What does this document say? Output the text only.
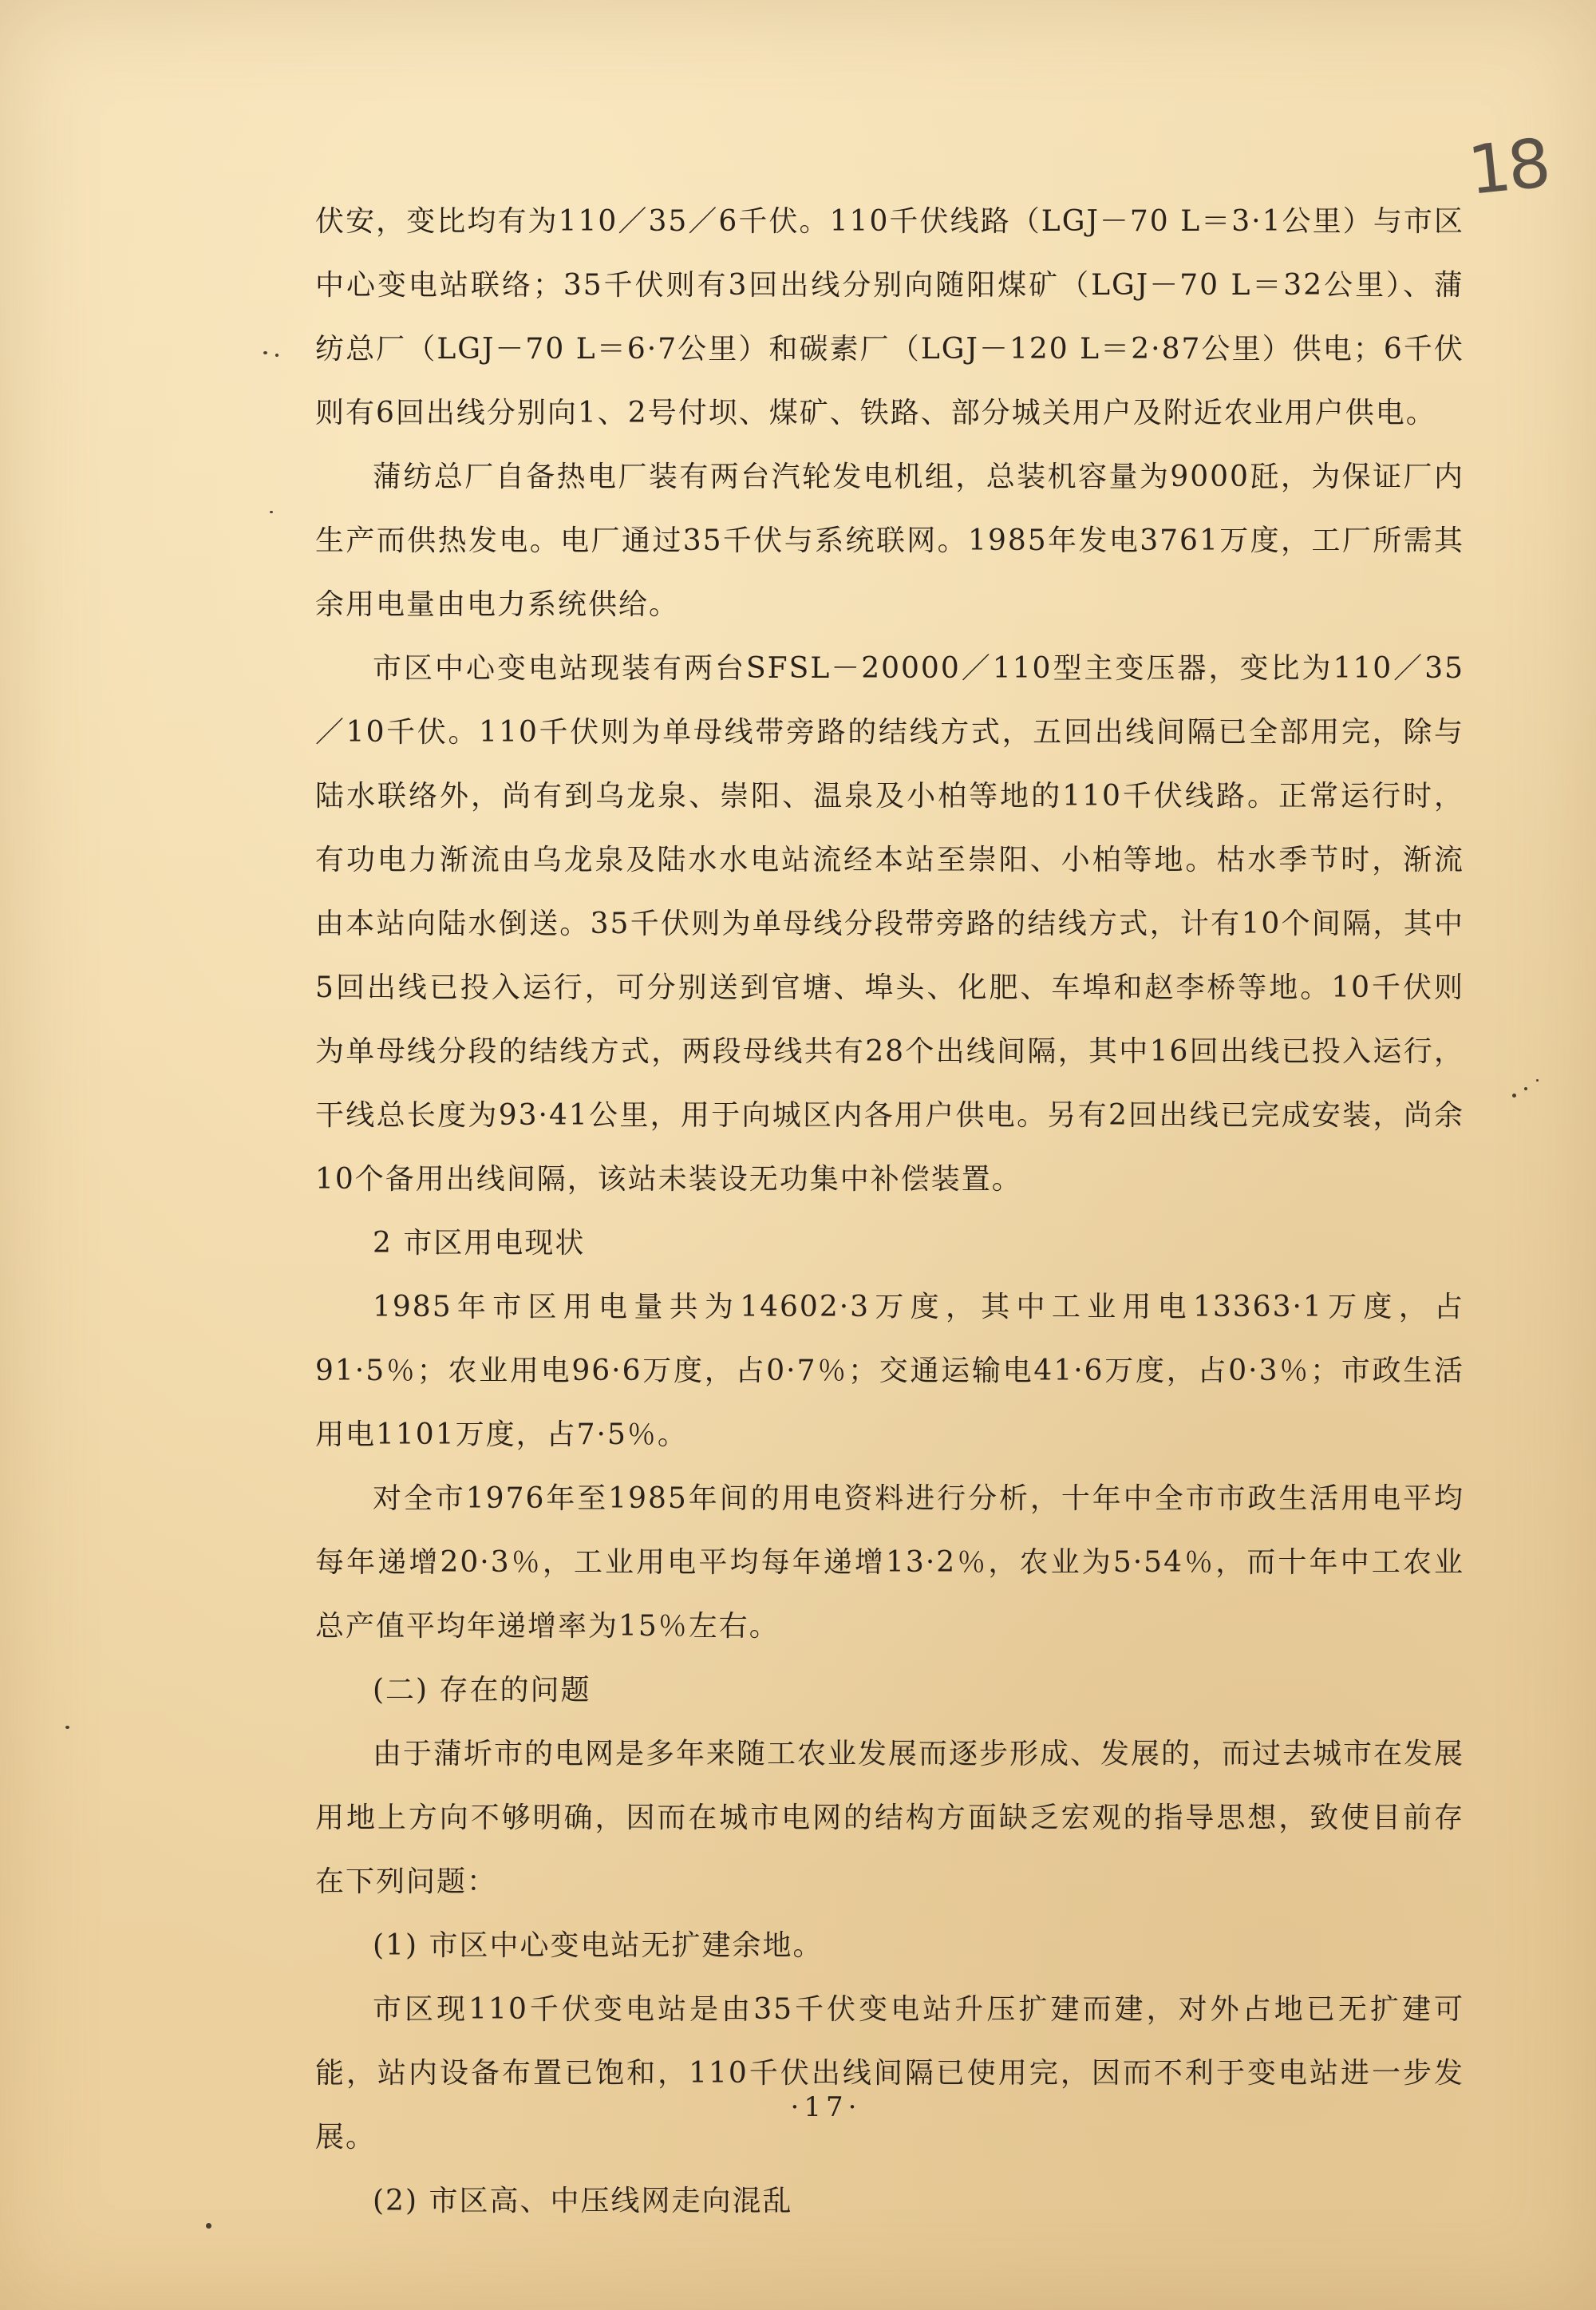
18

伏安，变比均有为110／35／6千伏。110千伏线路（LGJ－70 L＝3·1公里）与市区中心变电站联络；35千伏则有3回出线分别向随阳煤矿（LGJ－70 L＝32公里）、蒲纺总厂（LGJ－70 L＝6·7公里）和碳素厂（LGJ－120 L＝2·87公里）供电；6千伏则有6回出线分别向1、2号付坝、煤矿、铁路、部分城关用户及附近农业用户供电。

蒲纺总厂自备热电厂装有两台汽轮发电机组，总装机容量为9000瓩，为保证厂内生产而供热发电。电厂通过35千伏与系统联网。1985年发电3761万度，工厂所需其余用电量由电力系统供给。

市区中心变电站现装有两台SFSL－20000／110型主变压器，变比为110／35／10千伏。110千伏则为单母线带旁路的结线方式，五回出线间隔已全部用完，除与陆水联络外，尚有到乌龙泉、崇阳、温泉及小柏等地的110千伏线路。正常运行时，有功电力渐流由乌龙泉及陆水水电站流经本站至崇阳、小柏等地。枯水季节时，渐流由本站向陆水倒送。35千伏则为单母线分段带旁路的结线方式，计有10个间隔，其中5回出线已投入运行，可分别送到官塘、埠头、化肥、车埠和赵李桥等地。10千伏则为单母线分段的结线方式，两段母线共有28个出线间隔，其中16回出线已投入运行，干线总长度为93·41公里，用于向城区内各用户供电。另有2回出线已完成安装，尚余10个备用出线间隔，该站未装设无功集中补偿装置。

2 市区用电现状

1985年市区用电量共为14602·3万度，其中工业用电13363·1万度，占91·5％；农业用电96·6万度，占0·7％；交通运输电41·6万度，占0·3％；市政生活用电1101万度，占7·5％。

对全市1976年至1985年间的用电资料进行分析，十年中全市市政生活用电平均每年递增20·3％，工业用电平均每年递增13·2％，农业为5·54％，而十年中工农业总产值平均年递增率为15％左右。

(二) 存在的问题

由于蒲圻市的电网是多年来随工农业发展而逐步形成、发展的，而过去城市在发展用地上方向不够明确，因而在城市电网的结构方面缺乏宏观的指导思想，致使目前存在下列问题：

(1) 市区中心变电站无扩建余地。

市区现110千伏变电站是由35千伏变电站升压扩建而建，对外占地已无扩建可能，站内设备布置已饱和，110千伏出线间隔已使用完，因而不利于变电站进一步发展。

(2) 市区高、中压线网走向混乱

·17·
